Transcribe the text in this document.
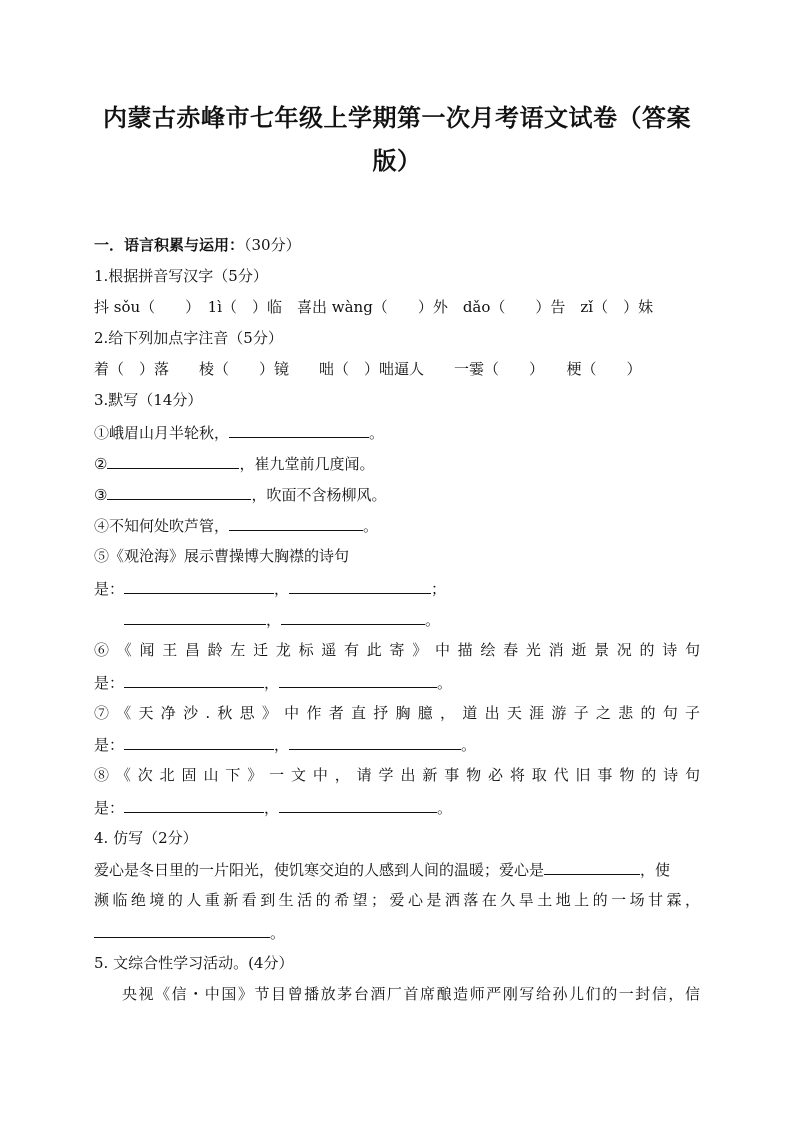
内蒙古赤峰市七年级上学期第一次月考语文试卷（答案
版）
一．语言积累与运用：（30分）
1.根据拼音写汉字（5分）
抖 sǒu（　　）　1ì（　）临　喜出 wàng（　　）外　dǎo（　　）告　zǐ（　）妹
2.给下列加点字注音（5分）
着（　）落　　棱（　　）镜　　咄（　）咄逼人　　一霎（　　）　　梗（　　）
3.默写（14分）
①峨眉山月半轮秋，	。
②	，崔九堂前几度闻。
③	，吹面不含杨柳风。
④不知何处吹芦管，	。
⑤《观沧海》展示曹操博大胸襟的诗句
是：	，	；
，	。
⑥《闻王昌龄左迁龙标遥有此寄》中描绘春光消逝景况的诗句
是：	，	。
⑦《天净沙.秋思》中作者直抒胸臆，道出天涯游子之悲的句子
是：	，	。
⑧《次北固山下》一文中，请学出新事物必将取代旧事物的诗句
是：	，	。
4. 仿写（2分）
爱心是冬日里的一片阳光，使饥寒交迫的人感到人间的温暖；爱心是	，使
濒临绝境的人重新看到生活的希望；爱心是洒落在久旱土地上的一场甘霖，
。
5. 文综合性学习活动。(4分）
央视《信・中国》节目曾播放茅台酒厂首席酿造师严刚写给孙儿们的一封信，信
